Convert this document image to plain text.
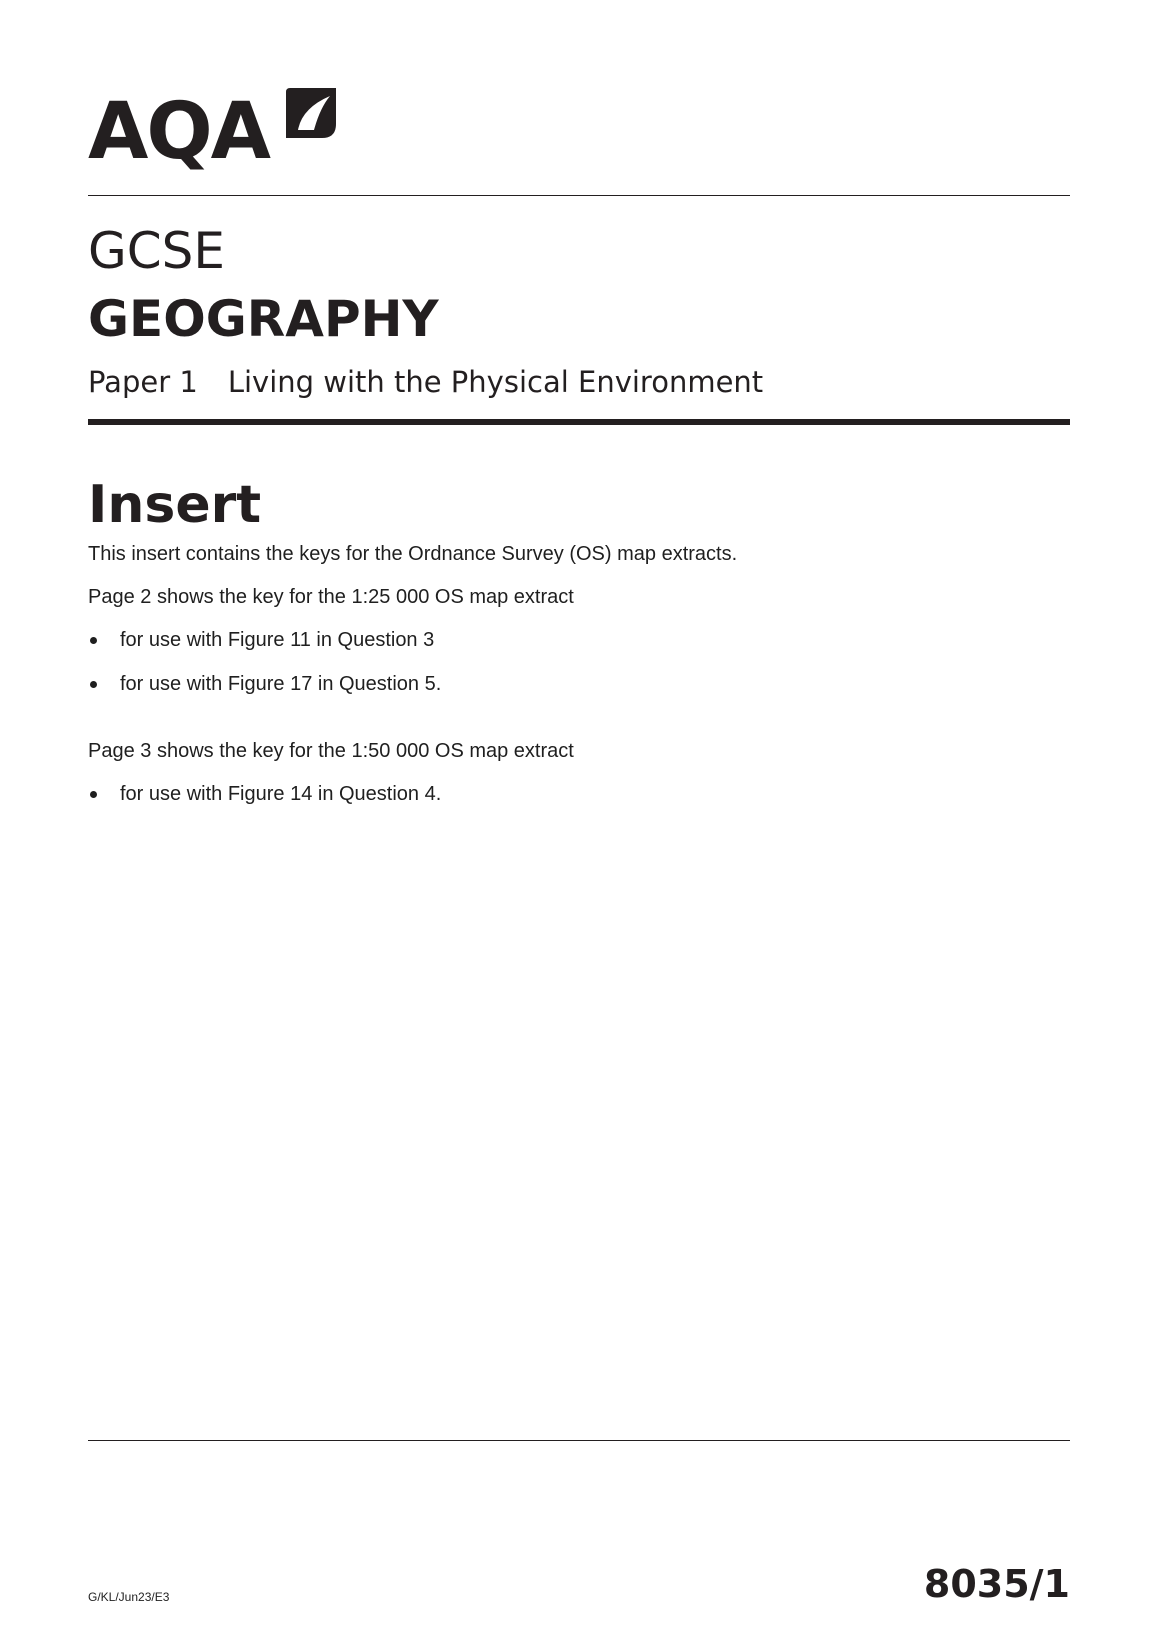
AQA
GCSE
GEOGRAPHY
Paper 1 Living with the Physical Environment
Insert

This insert contains the keys for the Ordnance Survey (OS) map extracts.

Page 2 shows the key for the 1:25 000 OS map extract

for use with Figure 11 in Question 3
for use with Figure 17 in Question 5.

Page 3 shows the key for the 1:50 000 OS map extract

for use with Figure 14 in Question 4.
G/KL/Jun23/E3	8035/1
